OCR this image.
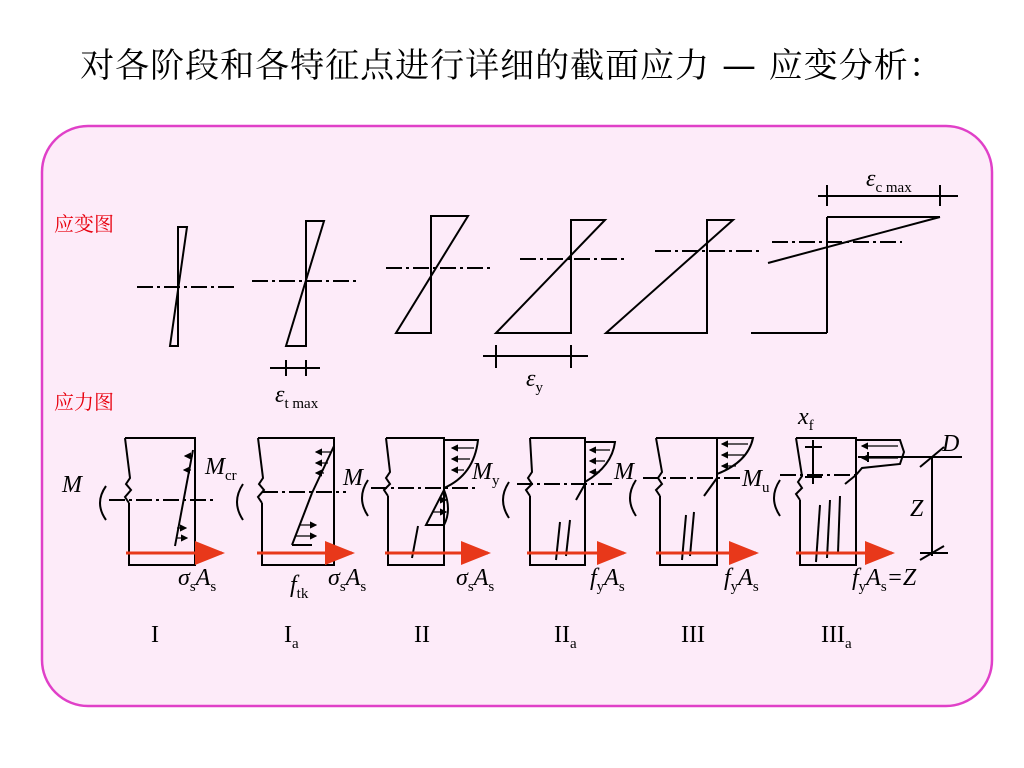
对各阶段和各特征点进行详细的截面应力 — 应变分析：
应变图
应力图	$\varepsilon_{t max}$
$\varepsilon_y$
$\varepsilon_{c max}$
M
$M_{cr}$	M	$M_y$	M	$M_u$
$\sigma_sA_s$	$f_{tk}$
$\sigma_sA_s$	$\sigma_sA_s$	$f_yA_s$	$f_yA_s$	$f_yA_s=Z$
$x_f$
D
Z
I	$I_a$	II	$II_a$	III	$III_a$
